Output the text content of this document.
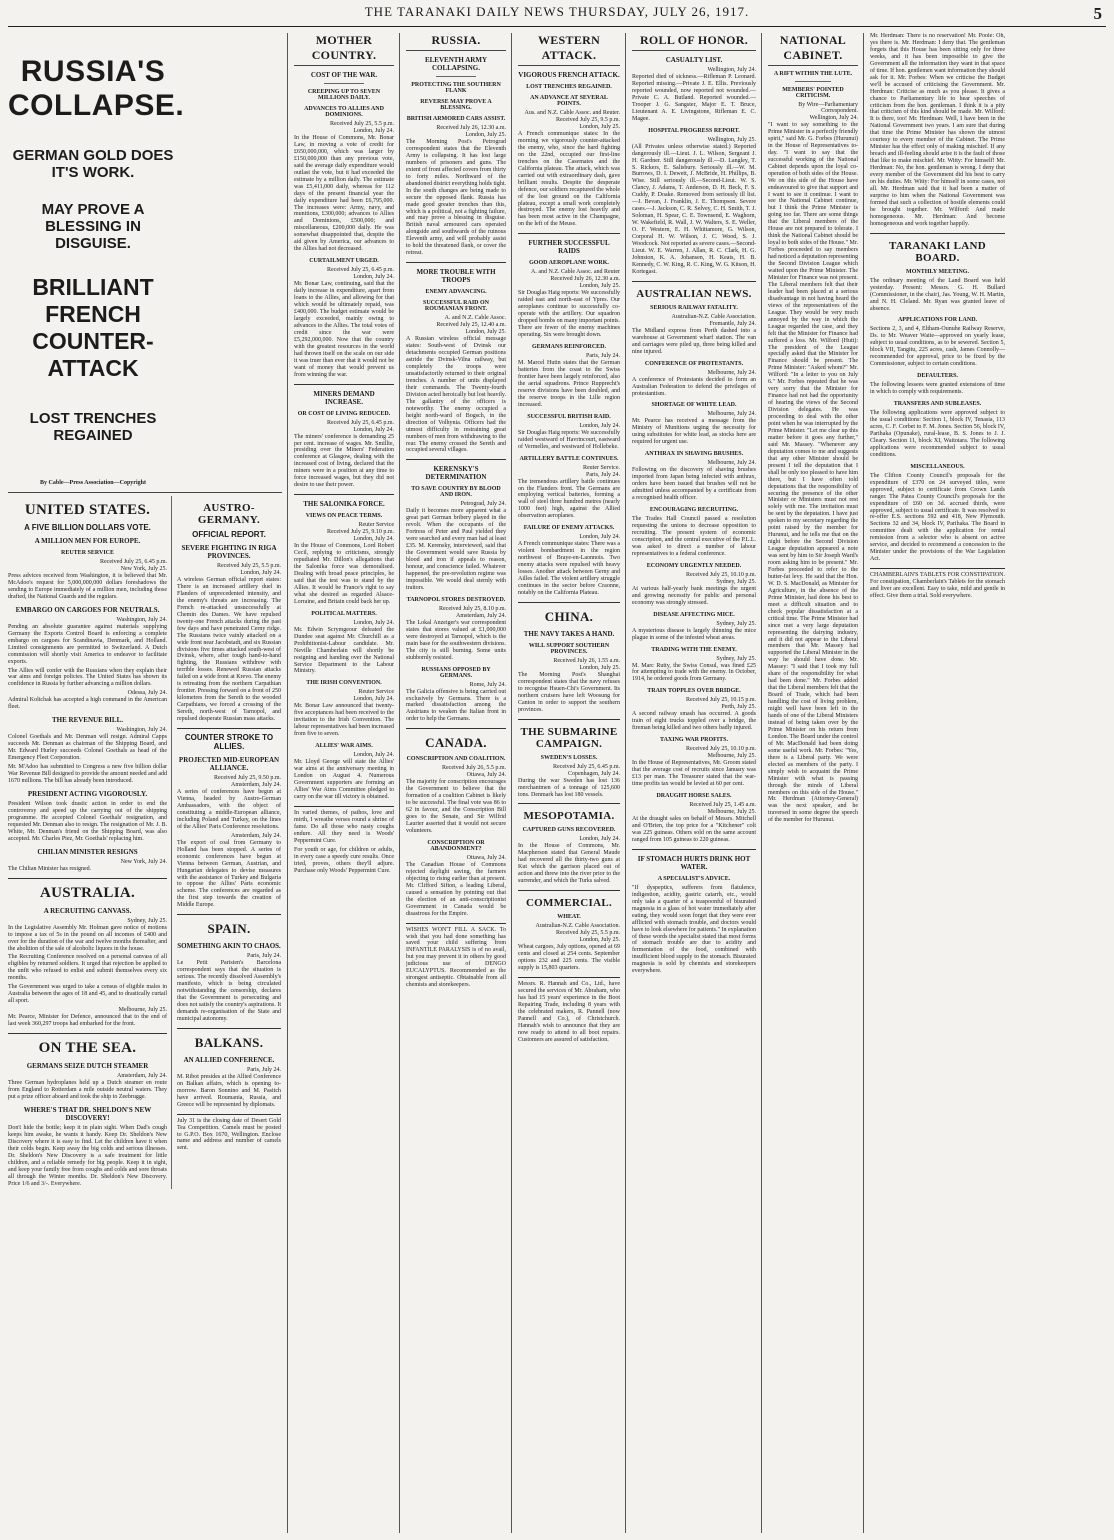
THE TARANAKI DAILY NEWS THURSDAY, JULY 26, 1917.	5
RUSSIA'S COLLAPSE.
GERMAN GOLD DOES IT'S WORK.
MAY PROVE A BLESSING IN DISGUISE.
BRILLIANT FRENCH COUNTER-ATTACK
LOST TRENCHES REGAINED
By Cable—Press Association—Copyright
UNITED STATES.
A FIVE BILLION DOLLARS VOTE.
A MILLION MEN FOR EUROPE.
REUTER SERVICE
Received July 25, 6.45 p.m.
New York, July 25.

Press advices received from Washington, it is believed that Mr. McAdoo's request for 5,000,000,000 dollars foreshadows the sending to Europe immediately of a million men, including those drafted, the National Guards and the regulars.

EMBARGO ON CARGOES FOR NEUTRALS.
Washington, July 24.

Pending an absolute guarantee against materials supplying Germany the Exports Control Board is enforcing a complete embargo on cargoes for Scandinavia, Denmark, and Holland. Limited consignments are permitted to Switzerland. A Dutch commission will shortly visit America to endeavor to facilitate exports.

The Allies will confer with the Russians when they explain their war aims and foreign policies. The United States has shown its confidence in Russia by further advancing a million dollars.

Odessa, July 24.

Admiral Koltchak has accepted a high command in the American fleet.

THE REVENUE BILL.
Washington, July 24.

Colonel Goethals and Mr. Denman will resign. Admiral Capps succeeds Mr. Denman as chairman of the Shipping Board, and Mr. Edward Hurley succeeds Colonel Goethals as head of the Emergency Fleet Corporation.

Mr. M'Adoo has submitted to Congress a new five billion dollar War Revenue Bill designed to provide the amount needed and add 1670 millions. The bill has already been introduced.

PRESIDENT ACTING VIGOROUSLY.

President Wilson took drastic action in order to end the controversy and speed up the carrying out of the shipping programme. He accepted Colonel Goethals' resignation, and requested Mr. Denman also to resign. The resignation of Mr. J. B. White, Mr. Denman's friend on the Shipping Board, was also accepted. Mr. Charles Piez, Mr. Goethals' replacing him.

CHILIAN MINISTER RESIGNS
New York, July 24.

The Chilian Minister has resigned.

AUSTRALIA.
A RECRUITING CANVASS.
Sydney, July 25.

In the Legislative Assembly Mr. Holman gave notice of motions to impose a tax of 5s in the pound on all incomes of £400 and over for the duration of the war and twelve months thereafter, and the abolition of the sale of alcoholic liquors in the house.

The Recruiting Conference resolved on a personal canvass of all eligibles by returned soldiers. It urged that rejection be applied to the unfit who refused to enlist and submit themselves every six months.

The Government was urged to take a census of eligible males in Australia between the ages of 18 and 45, and to drastically curtail all sport.

Melbourne, July 25.

Mr. Pearce, Minister for Defence, announced that to the end of last week 360,297 troops had embarked for the front.

ON THE SEA.
GERMANS SEIZE DUTCH STEAMER
Amsterdam, July 24.

Three German hydroplanes held up a Dutch steamer en route from England to Rotterdam a mile outside neutral waters. They put a prize officer aboard and took the ship to Zeebrugge.

WHERE'S THAT DR. SHELDON'S NEW DISCOVERY!

Don't hide the bottle; keep it in plain sight. When Dad's cough keeps him awake, he wants it handy. Keep Dr. Sheldon's New Discovery where it is easy to find. Let the children have it when their colds begin. Keep away the big colds and serious illnesses. Dr. Sheldon's New Discovery is a safe treatment for little children, and a reliable remedy for big people. Keep it in sight, and keep your family free from coughs and colds and sore throats all through the Winter months. Dr. Sheldon's New Discovery. Price 1/6 and 3/-. Everywhere.

AUSTRO-GERMANY.
OFFICIAL REPORT.
SEVERE FIGHTING IN RIGA PROVINCES.
Received July 25, 5.5 p.m.
London, July 24.

A wireless German official report states: There is an increased artillery duel in Flanders of unprecedented intensity, and the enemy's threats are increasing. The French re-attacked unsuccessfully at Chemin des Dames. We have repulsed twenty-one French attacks during the past few days and have penetrated Cerny ridge. The Russians twice vainly attacked on a wide front near Jacobstadt, and six Russian divisions five times attacked south-west of Dvinsk, where, after tough hand-to-hand fighting, the Russians withdrew with terrible losses. Renewed Russian attacks failed on a wide front at Krevo. The enemy is retreating from the northern Carpathian frontier. Pressing forward on a front of 250 kilometres from the Sereth to the wooded Carpathians, we forced a crossing of the Sereth, north-west of Tarnopol, and repulsed desperate Russian mass attacks.

COUNTER STROKE TO ALLIES.
PROJECTED MID-EUROPEAN ALLIANCE.
Received July 25, 9.50 p.m.
Amsterdam, July 24.

A series of conferences have begun at Vienna, headed by Austro-German Ambassadors, with the object of constituting a middle-European alliance, including Poland and Turkey, on the lines of the Allies' Paris Conference resolutions.

Amsterdam, July 24.

The export of coal from Germany to Holland has been stopped. A series of economic conferences have begun at Vienna between German, Austrian, and Hungarian delegates to devise measures with the assistance of Turkey and Bulgaria to oppose the Allies' Paris economic scheme. The conferences are regarded as the first step towards the creation of Middle Europe.

SPAIN.
SOMETHING AKIN TO CHAOS.
Paris, July 24.

Le Petit Parisien's Barcelona correspondent says that the situation is serious. The recently dissolved Assembly's manifesto, which is being circulated notwithstanding the censorship, declares that the Government is persecuting and does not satisfy the country's aspirations. It demands re-organisation of the State and municipal autonomy.

BALKANS.
AN ALLIED CONFERENCE.
Paris, July 24.

M. Ribot presides at the Allied Conference on Balkan affairs, which is opening to-morrow. Baron Sonnino and M. Pasitch have arrived. Roumania, Russia, and Greece will be represented by diplomats.

July 31 is the closing date of Desert Gold Tea Competition. Camels must be posted to G.P.O. Box 1670, Wellington. Enclose name and address and number of camels sent.

MOTHER COUNTRY.
COST OF THE WAR.
CREEPING UP TO SEVEN MILLIONS DAILY.
ADVANCES TO ALLIES AND DOMINIONS.
Received July 25, 5.5 p.m.
London, July 24.

In the House of Commons, Mr. Bonar Law, in moving a vote of credit for £650,000,000, which was larger by £150,000,000 than any previous vote, said the average daily expenditure would outlast the vote, but it had exceeded the estimate by a million daily. The estimate was £5,411,000 daily, whereas for 112 days of the present financial year the daily expenditure had been £6,795,000. The increases were: Army, navy, and munitions, £300,000; advances to Allies and Dominions, £500,000; and miscellaneous, £200,000 daily. He was somewhat disappointed that, despite the aid given by America, our advances to the Allies had not decreased.

CURTAILMENT URGED.
Received July 25, 6.45 p.m.
London, July 24.

Mr. Bonar Law, continuing, said that the daily increase in expenditure, apart from loans to the Allies, and allowing for that which would be ultimately repaid, was £400,000. The budget estimate would be largely exceeded, mainly owing to advances to the Allies. The total votes of credit since the war were £5,292,000,000. Now that the country with the greatest resources in the world had thrown itself on the scale on our side it was truer than ever that it would not be want of money that would prevent us from winning the war.

MINERS DEMAND INCREASE.
OR COST OF LIVING REDUCED.
Received July 25, 6.45 p.m.
London, July 24.

The miners' conference is demanding 25 per cent. increase of wages. Mr. Smillie, presiding over the Miners' Federation conference at Glasgow, dealing with the increased cost of living, declared that the miners were in a position at any time to force increased wages, but they did not desire to use their power.

THE SALONIKA FORCE.
VIEWS ON PEACE TERMS.
Reuter Service
Received July 25, 9.10 p.m.
London, July 24.

In the House of Commons, Lord Robert Cecil, replying to criticisms, strongly repudiated Mr. Dillon's allegations that the Salonika force was demoralised. Dealing with broad peace principles, he said that the test was to stand by the Allies. It would be France's right to say what she desired as regarded Alsace-Lorraine, and Britain could back her up.

POLITICAL MATTERS.
London, July 24.

Mr. Edwin Scrymgeour defeated the Dundee seat against Mr. Churchill as a Prohibitionist-Labour candidate. Mr. Neville Chamberlain will shortly be resigning and handing over the National Service Department to the Labour Ministry.

THE IRISH CONVENTION.
Reuter Service
London, July 24.

Mr. Bonar Law announced that twenty-five acceptances had been received to the invitation to the Irish Convention. The labour representatives had been increased from five to seven.

ALLIES' WAR AIMS.
London, July 24.

Mr. Lloyd George will state the Allies' war aims at the anniversary meeting in London on August 4. Numerous Government supporters are forming an Allies' War Aims Committee pledged to carry on the war till victory is obtained.

In varied themes, of pathos, love and mirth, I wreathe verses round a shrine of fame. Do all those who nasty coughs endure. All they need is Woods' Peppermint Cure.

For youth or age, for children or adults, in every case a speedy cure results. Once tried, proves, others they'll adjure. Purchase only Woods' Peppermint Cure.

RUSSIA.
ELEVENTH ARMY COLLAPSING.
PROTECTING THE SOUTHERN FLANK
REVERSE MAY PROVE A BLESSING.
BRITISH ARMORED CARS ASSIST.
Received July 26, 12.30 a.m.
London, July 25.

The Morning Post's Petrograd correspondent states that the Eleventh Army is collapsing. It has lost large numbers of prisoners and guns. The extent of front affected covers from thirty to forty miles. Northward of the abandoned district everything holds tight. In the south changes are being made to secure the opposed flank. Russia has made good greater trenches than this, which is a political, not a fighting failure, and may prove a blessing in disguise. British naval armoured cars operated alongside and southwards of the ruinous Eleventh army, and will probably assist to hold the threatened flank, or cover the retreat.

MORE TROUBLE WITH TROOPS
ENEMY ADVANCING.
SUCCESSFUL RAID ON ROUMANIAN FRONT.
A. and N.Z. Cable Assoc.
Received July 25, 12.40 a.m.
London, July 25.

A Russian wireless official message states: South-west of Dvinsk our detachments occupied German positions astride the Dvinsk-Vilna railway, but completely the troops were unsatisfactorily returned to their original trenches. A number of units displayed their commands. The Twenty-fourth Division acted heroically but lost heavily. The gallantry of the officers is noteworthy. The enemy occupied a height north-ward of Bogsch, in the direction of Volhynia. Officers had the utmost difficulty in restraining great numbers of men from withdrawing to the rear. The enemy crossed the Sereth and occupied several villages.

KERENSKY'S DETERMINATION
TO SAVE COUNTRY BY BLOOD AND IRON.
Petrograd, July 24.

Daily it becomes more apparent what a great part German bribery played in the revolt. When the occupants of the Fortress of Peter and Paul yielded they were searched and every man had at least £35. M. Kerensky, interviewed, said that the Government would save Russia by blood and iron if appeals to reason, honour, and conscience failed. Whatever happened, the pre-revolution regime was impossible. We would deal sternly with traitors.

TARNOPOL STORES DESTROYED.
Received July 25, 8.10 p.m.
Amsterdam, July 24.

The Lokal Anzeiger's war correspondent states that stores valued at £1,000,000 were destroyed at Tarnopol, which is the main base for the southwestern divisions. The city is still burning. Some units stubbornly resisted.

RUSSIANS OPPOSED BY GERMANS.
Rome, July 24.

The Galicia offensive is being carried out exclusively by Germans. There is a marked dissatisfaction among the Austrians to weaken the Italian front in order to help the Germans.

CANADA.
CONSCRIPTION AND COALITION.
Received July 26, 5.5 p.m.
Ottawa, July 24.

The majority for conscription encourages the Government to believe that the formation of a coalition Cabinet is likely to be successful. The final vote was 86 to 62 in favour, and the Conscription Bill goes to the Senate, and Sir Wilfrid Laurier asserted that it would not secure volunteers.

CONSCRIPTION OR ABANDONMENT?
Ottawa, July 24.

The Canadian House of Commons rejected daylight saving, the farmers objecting to rising earlier than at present. Mr. Clifford Sifton, a leading Liberal, caused a sensation by pointing out that the election of an anti-conscriptionist Government in Canada would be disastrous for the Empire.

WISHES WON'T FILL A SACK. To wish that you had done something has saved your child suffering from INFANTILE PARALYSIS is of no avail, but you may prevent it in others by good judicious use of DENGO EUCALYPTUS. Recommended as the strongest antiseptic. Obtainable from all chemists and storekeepers.

WESTERN ATTACK.
VIGOROUS FRENCH ATTACK.
LOST TRENCHES REGAINED.
AN ADVANCE AT SEVERAL POINTS.
Aus. and N.Z. Cable Assoc. and Reuter.
Received July 25, 9.5 p.m.
London, July 25.

A French communique states: In the morning we vigorously counter-attacked the enemy, who, since the hard fighting on the 22nd, occupied our first-line trenches on the Casemates and the California plateau. The attack, which was carried out with extraordinary dash, gave brilliant results. Despite the desperate defence, our soldiers recaptured the whole of the lost ground on the California plateau, except a small work completely destroyed. The enemy lost heavily and has been most active in the Champagne, on the left of the Meuse.

FURTHER SUCCESSFUL RAIDS
GOOD AEROPLANE WORK.
A. and N.Z. Cable Assoc. and Reuter
Received July 26, 12.30 a.m.
London, July 25.

Sir Douglas Haig reports: We successfully raided east and north-east of Ypres. Our aeroplanes continue to successfully co-operate with the artillery. Our squadron dropped bombs on many important points. There are fewer of the enemy machines operating. Six were brought down.

GERMANS REINFORCED.
Paris, July 24.

M. Marcel Hutin states that the German batteries from the coast to the Swiss frontier have been largely reinforced, also the aerial squadrons. Prince Rupprecht's reserve divisions have been doubled, and the reserve troops in the Lille region increased.

SUCCESSFUL BRITISH RAID.
London, July 24.

Sir Douglas Haig reports: We successfully raided westward of Havrincourt, eastward of Vermelles, and westward of Hollebeke.

ARTILLERY BATTLE CONTINUES.
Reuter Service.
Paris, July 24.

The tremendous artillery battle continues on the Flanders front. The Germans are employing vertical batteries, forming a wall of steel three hundred metres (nearly 1000 feet) high, against the Allied observation aeroplanes.

FAILURE OF ENEMY ATTACKS.
London, July 24.

A French communique states: There was a violent bombardment in the region northwest of Braye-en-Laonnois. Two enemy attacks were repulsed with heavy losses. Another attack between Gerny and Ailles failed. The violent artillery struggle continues in the sector before Craonne, notably on the California Plateau.

CHINA.
THE NAVY TAKES A HAND.
WILL SUPPORT SOUTHERN PROVINCES.
Received July 26, 1.55 a.m.
London, July 25.

The Morning Post's Shanghai correspondent states that the navy refuses to recognise Hsuen-Chi's Government. Its northern cruisers have left Woosung for Canton in order to support the southern provinces.

THE SUBMARINE CAMPAIGN.
SWEDEN'S LOSSES.
Received July 25, 6.45 p.m.
Copenhagen, July 24.

During the war Sweden has lost 136 merchantmen of a tonnage of 125,600 tons. Denmark has lost 180 vessels.

MESOPOTAMIA.
CAPTURED GUNS RECOVERED.
London, July 24.

In the House of Commons, Mr. Macpherson stated that General Maude had recovered all the thirty-two guns at Kut which the garrison placed out of action and threw into the river prior to the surrender, and which the Turks salved.

COMMERCIAL.
WHEAT.
Australian-N.Z. Cable Association.
Received July 25, 5.5 p.m.
London, July 25.

Wheat cargoes, July options, opened at 69 cents and closed at 254 cents. September options 232 and 225 cents. The visible supply is 15,803 quarters.

Messrs. R. Hannah and Co., Ltd., have secured the services of Mr. Abraham, who has had 15 years' experience in the Boot Repairing Trade, including 8 years with the celebrated makers, R. Pannell (now Pannell and Co.), of Christchurch. Hannah's wish to announce that they are now ready to attend to all boot repairs. Customers are assured of satisfaction.

ROLL OF HONOR.
CASUALTY LIST.
Wellington, July 24.

Reported died of sickness.—Rifleman P. Leonard. Reported missing.—Private J. E. Ellis. Previously reported wounded, now reported not wounded.—Private C. A. Butland. Reported wounded.—Trooper J. G. Sangster, Major E. T. Bruce, Lieutenant A. E. Livingstone, Rifleman E. C. Magee.

HOSPITAL PROGRESS REPORT.
Wellington, July 25.

(All Privates unless otherwise stated.) Reported dangerously ill.—Lieut. J. L. Wilson, Sergeant J. H. Gardner. Still dangerously ill.—D. Langley, T. S. Rickers, E. Salisbury. Seriously ill.—W. M. Burrows, D. I. Dewett, J. McBride, H. Phillips, B. Wise. Still seriously ill.—Second-Lieut. W. S. Clancy, J. Adams, T. Anderson, D. H. Beck, F. S. Cuddy, P. Doake. Removed from seriously ill list.—J. Bevan, J. Franklin, J. E. Thompson. Severe cases.—J. Jackson, C. R. Selvey, C. H. Smith, T. J. Soloman, H. Spear, C. E. Townsend, E. Waghorn, W. Wakefield, R. Wall, J. W. Walters, S. E. Weller, O. F. Western, E. H. Whittamore, G. Wilson, Corporal H. W. Wilson, J. C. Wood, S. J. Woodcock. Not reported as severe cases.—Second-Lieut. W. E. Warren, J. Allan, R. C. Clark, H. G. Johnston, K. A. Johansen, H. Keats, H. B. Kennedy, C. W. King, R. C. King, W. G. Kitson, H. Kortegast.

AUSTRALIAN NEWS.
SERIOUS RAILWAY FATALITY.
Australian-N.Z. Cable Association.
Fremantle, July 24.

The Midland express from Perth dashed into a warehouse at Government wharf station. The van and carriages were piled up, three being killed and nine injured.

CONFERENCE OF PROTESTANTS.
Melbourne, July 24.

A conference of Protestants decided to form an Australian Federation to defend the privileges of protestantism.

SHORTAGE OF WHITE LEAD.
Melbourne, July 24.

Mr. Pearce has received a message from the Ministry of Munitions urging the necessity for using substitutes for white lead, as stocks here are required for urgent use.

ANTHRAX IN SHAVING BRUSHES.
Melbourne, July 24.

Following on the discovery of shaving brushes imported from Japan being infected with anthrax, orders have been issued that brushes will not be admitted unless accompanied by a certificate from a recognised health officer.

ENCOURAGING RECRUITING.

The Trades Hall Council passed a resolution requesting the unions to decrease opposition to recruiting. The present system of economic conscription, and the central executive of the P.L.L. was asked to direct a number of labour representatives to a federal conference.

ECONOMY URGENTLY NEEDED.
Received July 25, 10.10 p.m.
Sydney, July 25.

At various half-yearly bank meetings the urgent and growing necessity for public and personal economy was strongly stressed.

DISEASE AFFECTING MICE.
Sydney, July 25.

A mysterious disease is largely thinning the mice plague in some of the infested wheat areas.

TRADING WITH THE ENEMY.
Sydney, July 25.

M. Marc Rutty, the Swiss Consul, was fined £25 for attempting to trade with the enemy. In October, 1914, he ordered goods from Germany.

TRAIN TOPPLES OVER BRIDGE.
Received July 25, 10.15 p.m.
Perth, July 25.

A second railway smash has occurred. A goods train of eight trucks toppled over a bridge, the fireman being killed and two others badly injured.

TAXING WAR PROFITS.
Received July 25, 10.10 p.m.
Melbourne, July 25.

In the House of Representatives, Mr. Groom stated that the average cost of recruits since January was £13 per man. The Treasurer stated that the war-time profits tax would be levied at 60 per cent.

DRAUGHT HORSE SALES.
Received July 25, 1.45 a.m.
Melbourne, July 25.

At the draught sales on behalf of Messrs. Mitchell and O'Brien, the top price for a "Kitchener" colt was 225 guineas. Others sold on the same account ranged from 105 guineas to 220 guineas.

IF STOMACH HURTS DRINK HOT WATER.
A SPECIALIST'S ADVICE.

"If dyspeptics, sufferers from flatulence, indigestion, acidity, gastric catarrh, etc., would only take a quarter of a teaspoonful of bisurated magnesia in a glass of hot water immediately after eating, they would soon forget that they were ever afflicted with stomach trouble, and doctors would have to look elsewhere for patients." In explanation of these words the specialist stated that most forms of stomach trouble are due to acidity and fermentation of the food, combined with insufficient blood supply to the stomach. Bisurated magnesia is sold by chemists and storekeepers everywhere.

NATIONAL CABINET.
A RIFT WITHIN THE LUTE.
MEMBERS' POINTED CRITICISM.
By Wire—Parliamentary Correspondent.
Wellington, July 24.

"I want to say something to the Prime Minister in a perfectly friendly spirit," said Mr. G. Forbes (Hurunui) in the House of Representatives to-day. "I want to say that the successful working of the National Cabinet depends upon the loyal co-operation of both sides of the House. We on this side of the House have endeavoured to give that support and I want to see it continue. I want to see the National Cabinet continue, but I think the Prime Minister is going too far. There are some things that the Liberal members of the House are not prepared to tolerate. I think the National Cabinet should be loyal to both sides of the House." Mr. Forbes proceeded to say members had noticed a deputation representing the Second Division League which waited upon the Prime Minister. The Minister for Finance was not present. The Liberal members felt that their leader had been placed at a serious disadvantage in not having heard the views of the representatives of the League. They would be very much annoyed by the way in which the League regarded the case, and they felt that the Minister for Finance had suffered a loss. Mr. Wilford (Hutt): The president of the League specially asked that the Minister for Finance should be present. The Prime Minister: "Asked whom?" Mr. Wilford: "In a letter to you on July 6." Mr. Forbes repeated that he was very sorry that the Minister for Finance had not had the opportunity of hearing the views of the Second Division delegates. He was proceeding to deal with the other point when he was interrupted by the Prime Minister. "Let me clear up this matter before it goes any further," said Mr. Massey. "Whenever any deputation comes to me and suggests that any other Minister should be present I tell the deputation that I shall be only too pleased to have him there, but I have often told deputations that the responsibility of securing the presence of the other Minister or Ministers must not rest solely with me. The invitation must be sent by the deputation. I have just spoken to my secretary regarding the point raised by the member for Hurunui, and he tells me that on the night before the Second Division League deputation appeared a note was sent by him to Sir Joseph Ward's room asking him to be present." Mr. Forbes proceeded to refer to the butter-fat levy. He said that the Hon. W. D. S. MacDonald, as Minister for Agriculture, in the absence of the Prime Minister, had done his best to meet a difficult situation and to check popular dissatisfaction at a critical time. The Prime Minister had since met a very large deputation representing the dairying industry, and it did not appear to the Liberal members that Mr. Massey had supported the Liberal Minister in the way he should have done. Mr. Massey: "I said that I took my full share of the responsibility for what had been done." Mr. Forbes added that the Liberal members felt that the Board of Trade, which had been handling the cost of living problem, might well have been left in the hands of one of the Liberal Ministers instead of being taken over by the Prime Minister on his return from London. The Board under the control of Mr. MacDonald had been doing some useful work. Mr. Forbes: "Yes, there is a Liberal party. We were elected as members of the party. I simply wish to acquaint the Prime Minister with what is passing through the minds of Liberal members on this side of the House." Mr. Herdman (Attorney-General) was the next speaker, and he traversed in some degree the speech of the member for Hurunui.

Mr. Herdman: There is no reservation! Mr. Poole: Oh, yes there is. Mr. Herdman: I deny that. The gentleman forgets that this House has been sitting only for three weeks, and it has been impossible to give the Government all the information they want in that space of time. If hon. gentlemen want information they should ask for it. Mr. Forbes: When we criticise the Budget we'll be accused of criticising the Government. Mr. Herdman: Criticise as much as you please. It gives a chance to Parliamentary life to hear speeches of criticism from the hon. gentleman. I think it is a pity that criticism of this kind should be made. Mr. Wilford: It is there, too! Mr. Herdman: Well, I have been in the National Government two years. I am sure that during that time the Prime Minister has shown the utmost courtesy to every member of the Cabinet. The Prime Minister has the effect only of making mischief. If any breach and ill-feeling should arise it is the fault of those that like to make mischief. Mr. Witty: For himself! Mr. Herdman: No, the hon. gentleman is wrong. I deny that every member of the Government did his best to carry on his duties. Mr. Witty: For himself in some cases, not all. Mr. Herdman said that it had been a matter of surprise to him when the National Government was formed that such a collection of hostile elements could be brought together. Mr. Wilford: And made homogeneous. Mr. Herdman: And become homogeneous and work together happily.

TARANAKI LAND BOARD.
MONTHLY MEETING.

The ordinary meeting of the Land Board was held yesterday. Present: Messrs. G. H. Bullard (Commissioner, in the chair), Jas. Young, W. H. Martin, and N. H. Cleland. Mr. Ryan was granted leave of absence.

APPLICATIONS FOR LAND.

Sections 2, 3, and 4, Eltham-Ounuhe Railway Reserve, Ds. to Mr. Weaver Waite—approved on yearly lease, subject to usual conditions, as to be sewered. Section 5, block VII, Tangitu, 225 acres, cash, James Connolly—recommended for approval, price to be fixed by the Commissioner, subject to certain conditions.

DEFAULTERS.

The following lessees were granted extensions of time in which to comply with requirements.

TRANSFERS AND SUBLEASES.

The following applications were approved subject to the usual conditions: Section 1, block IV, Tenasia, 113 acres, C. F. Corbet to F. M. Jones. Section 56, block IV, Parihaka (Opunake), rural-lease, B. S. Jones to J. J. Cleary. Section 11, block XI, Waitotara. The following applications were recommended subject to usual conditions.

MISCELLANEOUS.

The Clifton County Council's proposals for the expenditure of £370 on 24 surveyed titles, were approved, subject to certificate from Crown Lands ranger. The Patea County Council's proposals for the expenditure of £60 on 3d. accrued thirds, were approved, subject to usual certificate. It was resolved to re-offer E.S. sections 592 and 418, New Plymouth. Sections 32 and 34, block IV, Parihaka. The Board in committee dealt with the application for rental remission from a selector who is absent on active service, and decided to recommend a concession to the Minister under the provisions of the War Legislation Act.

CHAMBERLAIN'S TABLETS FOR CONSTIPATION. For constipation, Chamberlain's Tablets for the stomach and liver are excellent. Easy to take, mild and gentle in effect. Give them a trial. Sold everywhere.
